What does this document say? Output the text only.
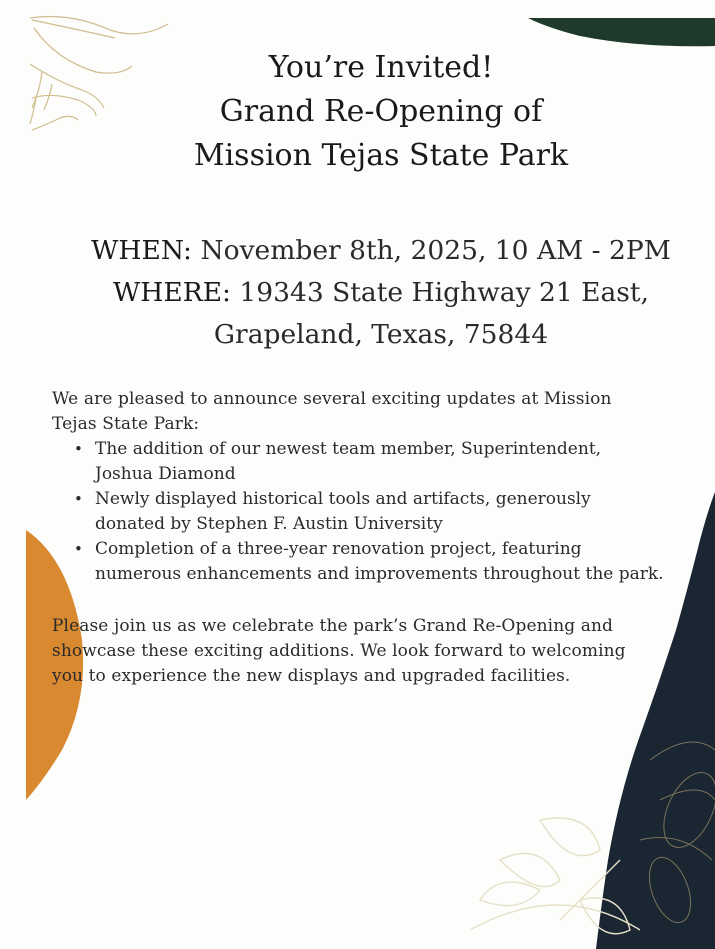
You’re Invited!
Grand Re-Opening of
Mission Tejas State Park
WHEN: November 8th, 2025, 10 AM - 2PM
WHERE: 19343 State Highway 21 East,
Grapeland, Texas, 75844
We are pleased to announce several exciting updates at Mission
Tejas State Park:
• The addition of our newest team member, Superintendent,
Joshua Diamond
• Newly displayed historical tools and artifacts, generously
donated by Stephen F. Austin University
• Completion of a three-year renovation project, featuring
numerous enhancements and improvements throughout the park.
Please join us as we celebrate the park’s Grand Re-Opening and
showcase these exciting additions. We look forward to welcoming
you to experience the new displays and upgraded facilities.
